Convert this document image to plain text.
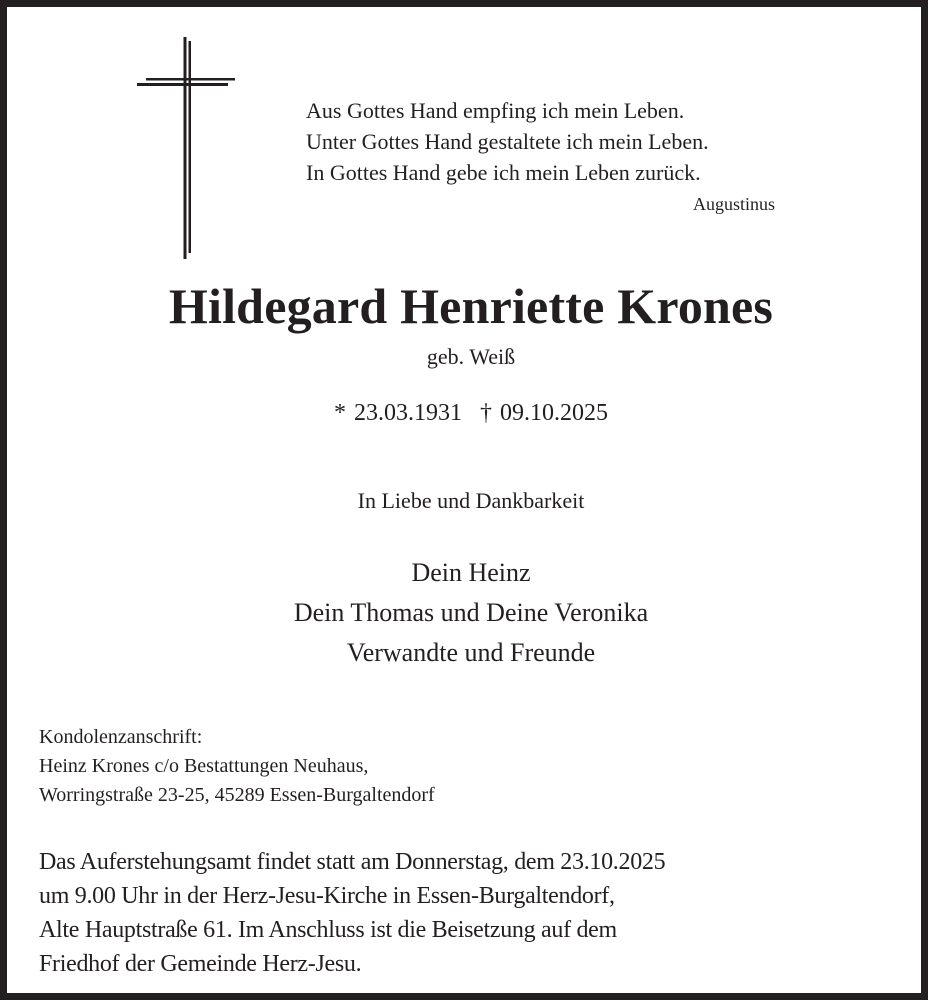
Aus Gottes Hand empfing ich mein Leben.
Unter Gottes Hand gestaltete ich mein Leben.
In Gottes Hand gebe ich mein Leben zurück.
Augustinus
Hildegard Henriette Krones
geb. Weiß
* 23.03.1931 † 09.10.2025
In Liebe und Dankbarkeit
Dein Heinz
Dein Thomas und Deine Veronika
Verwandte und Freunde
Kondolenzanschrift:
Heinz Krones c/o Bestattungen Neuhaus,
Worringstraße 23-25, 45289 Essen-Burgaltendorf
Das Auferstehungsamt findet statt am Donnerstag, dem 23.10.2025
um 9.00 Uhr in der Herz-Jesu-Kirche in Essen-Burgaltendorf,
Alte Hauptstraße 61. Im Anschluss ist die Beisetzung auf dem
Friedhof der Gemeinde Herz-Jesu.
